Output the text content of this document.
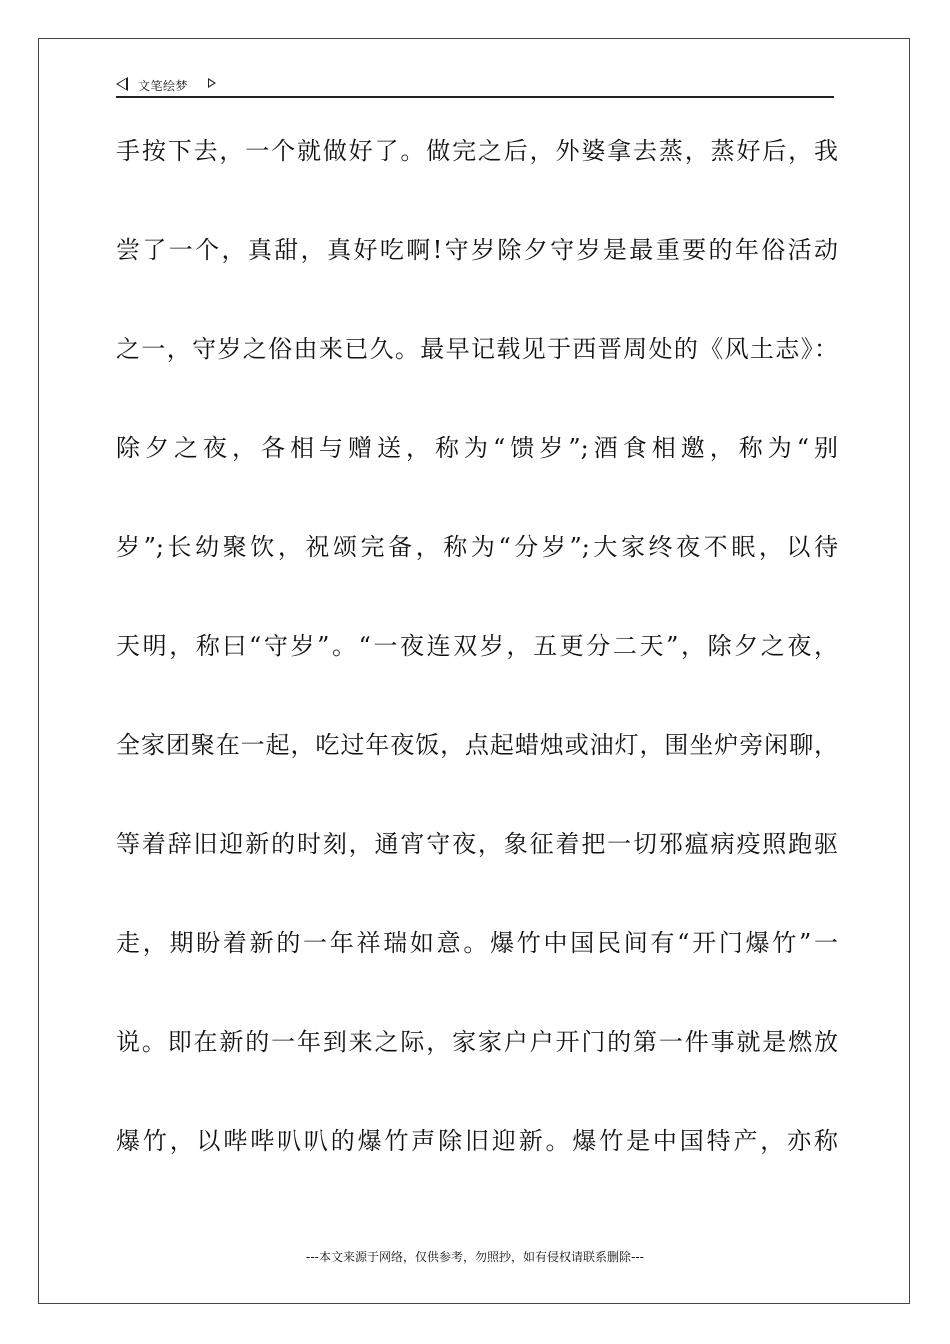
文笔绘梦
手按下去，一个就做好了。做完之后，外婆拿去蒸，蒸好后，我
尝了一个，真甜，真好吃啊!守岁除夕守岁是最重要的年俗活动
之一，守岁之俗由来已久。最早记载见于西晋周处的《风土志》：
除夕之夜，各相与赠送，称为“馈岁”;酒食相邀，称为“别
岁”;长幼聚饮，祝颂完备，称为“分岁”;大家终夜不眠，以待
天明，称曰“守岁”。“一夜连双岁，五更分二天”，除夕之夜，
全家团聚在一起，吃过年夜饭，点起蜡烛或油灯，围坐炉旁闲聊，
等着辞旧迎新的时刻，通宵守夜，象征着把一切邪瘟病疫照跑驱
走，期盼着新的一年祥瑞如意。爆竹中国民间有“开门爆竹”一
说。即在新的一年到来之际，家家户户开门的第一件事就是燃放
爆竹，以哔哔叭叭的爆竹声除旧迎新。爆竹是中国特产，亦称
---本文来源于网络，仅供参考，勿照抄，如有侵权请联系删除---
